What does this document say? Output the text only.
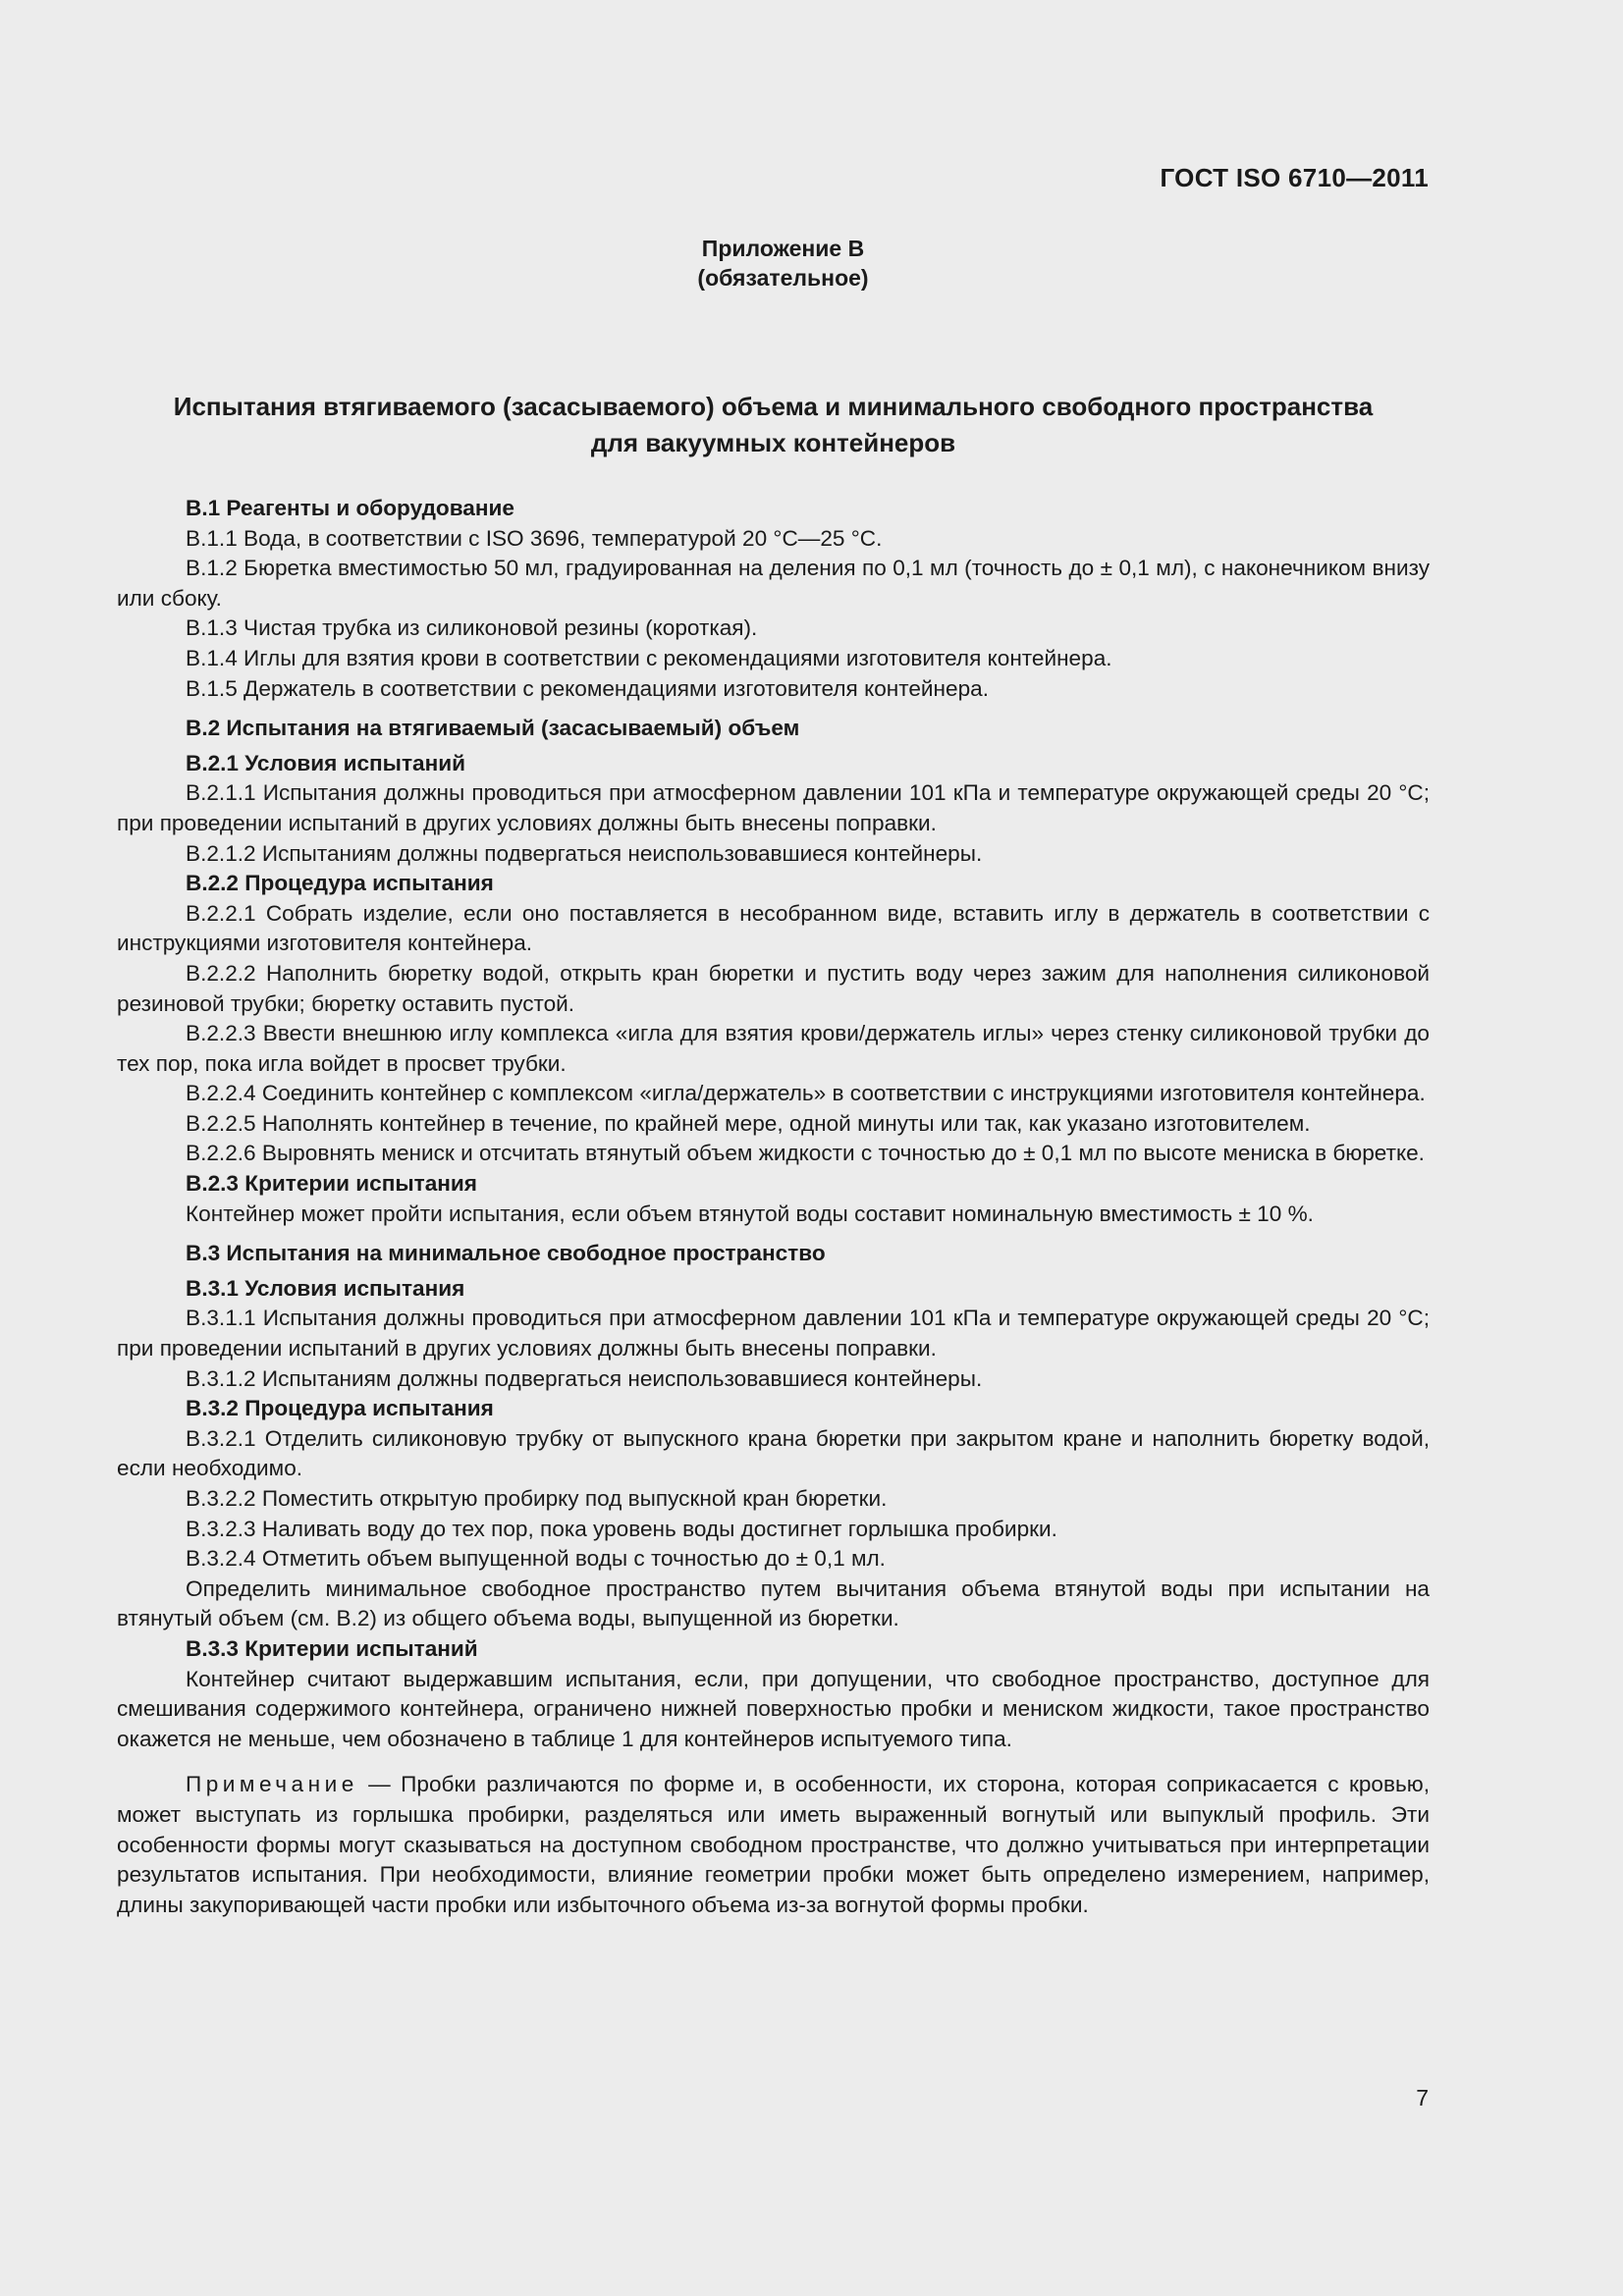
ГОСТ ISO 6710—2011
Приложение В
(обязательное)
Испытания втягиваемого (засасываемого) объема и минимального свободного пространства
для вакуумных контейнеров

В.1 Реагенты и оборудование

В.1.1 Вода, в соответствии с ISO 3696, температурой 20 °С—25 °С.

В.1.2 Бюретка вместимостью 50 мл, градуированная на деления по 0,1 мл (точность до ± 0,1 мл), с наконечником внизу или сбоку.

В.1.3 Чистая трубка из силиконовой резины (короткая).

В.1.4 Иглы для взятия крови в соответствии с рекомендациями изготовителя контейнера.

В.1.5 Держатель в соответствии с рекомендациями изготовителя контейнера.

В.2 Испытания на втягиваемый (засасываемый) объем

В.2.1 Условия испытаний

В.2.1.1 Испытания должны проводиться при атмосферном давлении 101 кПа и температуре окружающей среды 20 °С; при проведении испытаний в других условиях должны быть внесены поправки.

В.2.1.2 Испытаниям должны подвергаться неиспользовавшиеся контейнеры.

В.2.2 Процедура испытания

В.2.2.1 Собрать изделие, если оно поставляется в несобранном виде, вставить иглу в держатель в соответствии с инструкциями изготовителя контейнера.

В.2.2.2 Наполнить бюретку водой, открыть кран бюретки и пустить воду через зажим для наполнения силиконовой резиновой трубки; бюретку оставить пустой.

В.2.2.3 Ввести внешнюю иглу комплекса «игла для взятия крови/держатель иглы» через стенку силиконовой трубки до тех пор, пока игла войдет в просвет трубки.

В.2.2.4 Соединить контейнер с комплексом «игла/держатель» в соответствии с инструкциями изготовителя контейнера.

В.2.2.5 Наполнять контейнер в течение, по крайней мере, одной минуты или так, как указано изготовителем.

В.2.2.6 Выровнять мениск и отсчитать втянутый объем жидкости с точностью до ± 0,1 мл по высоте мениска в бюретке.

В.2.3 Критерии испытания

Контейнер может пройти испытания, если объем втянутой воды составит номинальную вместимость ± 10 %.

В.3 Испытания на минимальное свободное пространство

В.3.1 Условия испытания

В.3.1.1 Испытания должны проводиться при атмосферном давлении 101 кПа и температуре окружающей среды 20 °С; при проведении испытаний в других условиях должны быть внесены поправки.

В.3.1.2 Испытаниям должны подвергаться неиспользовавшиеся контейнеры.

В.3.2 Процедура испытания

В.3.2.1 Отделить силиконовую трубку от выпускного крана бюретки при закрытом кране и наполнить бюретку водой, если необходимо.

В.3.2.2 Поместить открытую пробирку под выпускной кран бюретки.

В.3.2.3 Наливать воду до тех пор, пока уровень воды достигнет горлышка пробирки.

В.3.2.4 Отметить объем выпущенной воды с точностью до ± 0,1 мл.

Определить минимальное свободное пространство путем вычитания объема втянутой воды при испытании на втянутый объем (см. В.2) из общего объема воды, выпущенной из бюретки.

В.3.3 Критерии испытаний

Контейнер считают выдержавшим испытания, если, при допущении, что свободное пространство, доступное для смешивания содержимого контейнера, ограничено нижней поверхностью пробки и мениском жидкости, такое пространство окажется не меньше, чем обозначено в таблице 1 для контейнеров испытуемого типа.

Примечание — Пробки различаются по форме и, в особенности, их сторона, которая соприкасается с кровью, может выступать из горлышка пробирки, разделяться или иметь выраженный вогнутый или выпуклый профиль. Эти особенности формы могут сказываться на доступном свободном пространстве, что должно учитываться при интерпретации результатов испытания. При необходимости, влияние геометрии пробки может быть определено измерением, например, длины закупоривающей части пробки или избыточного объема из-за вогнутой формы пробки.

7
